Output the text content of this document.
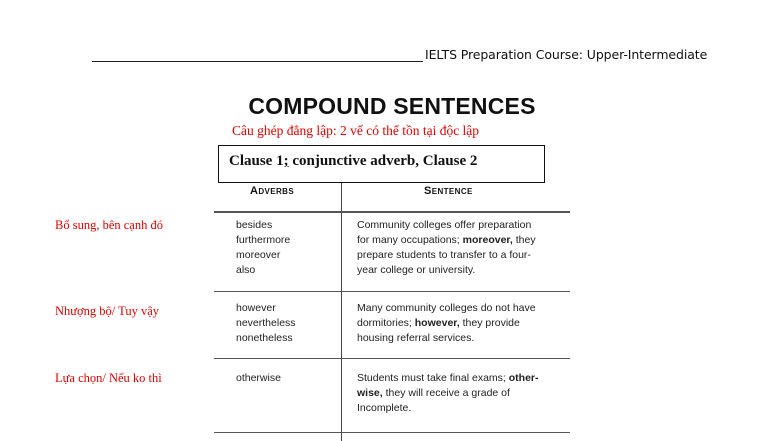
IELTS Preparation Course: Upper-Intermediate
COMPOUND SENTENCES
Câu ghép đẳng lập: 2 vế có thể tồn tại độc lập
Clause 1; conjunctive adverb, Clause 2
Adverbs	Sentence
Bổ sung, bên cạnh đó
Nhượng bộ/ Tuy vậy
Lựa chọn/ Nếu ko thì
besides
furthermore
moreover
also
however
nevertheless
nonetheless
otherwise
Community colleges offer preparation
for many occupations; moreover, they
prepare students to transfer to a four-
year college or university.
Many community colleges do not have
dormitories; however, they provide
housing referral services.
Students must take final exams; other-
wise, they will receive a grade of
Incomplete.
